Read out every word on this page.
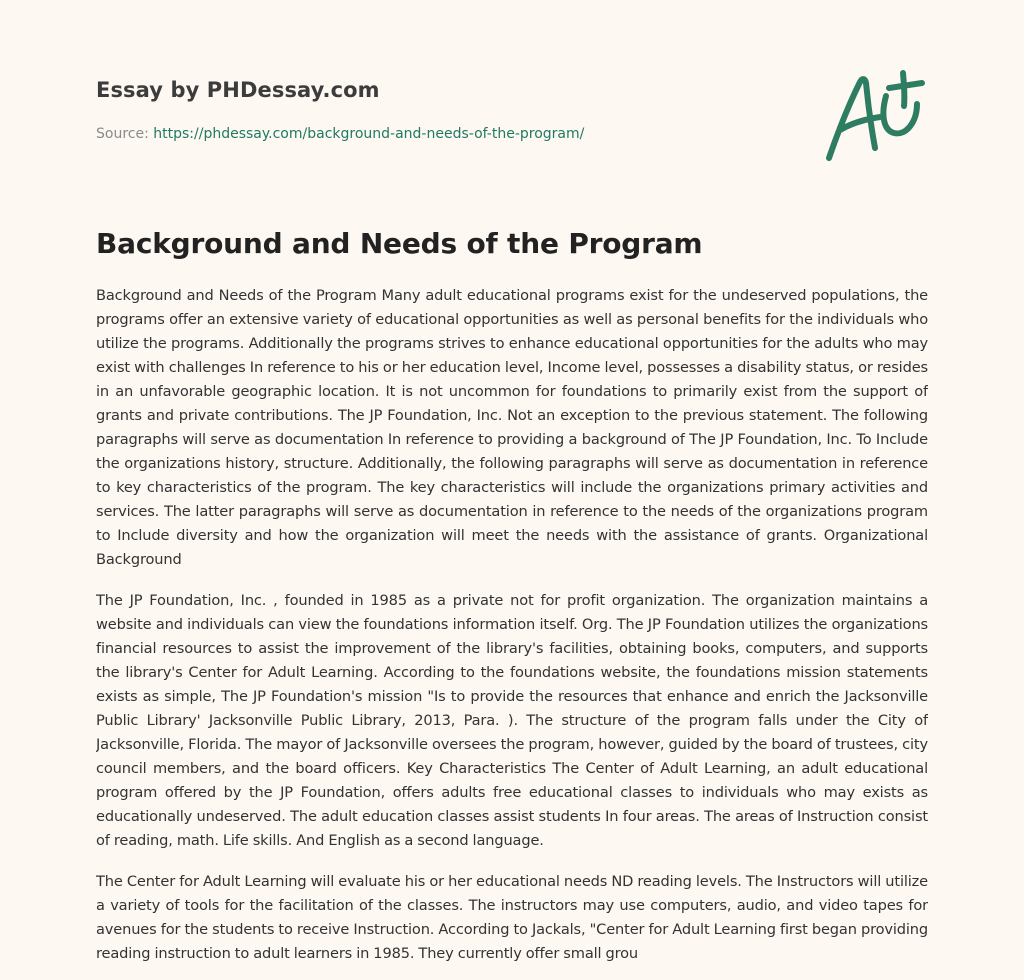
Essay by PHDessay.com
Source: https://phdessay.com/background-and-needs-of-the-program/
Background and Needs of the Program

Background and Needs of the Program Many adult educational programs exist for the undeserved populations, the programs offer an extensive variety of educational opportunities as well as personal benefits for the individuals who utilize the programs. Additionally the programs strives to enhance educational opportunities for the adults who may exist with challenges In reference to his or her education level, Income level, possesses a disability status, or resides in an unfavorable geographic location. It is not uncommon for foundations to primarily exist from the support of grants and private contributions. The JP Foundation, Inc. Not an exception to the previous statement. The following paragraphs will serve as documentation In reference to providing a background of The JP Foundation, Inc. To Include the organizations history, structure. Additionally, the following paragraphs will serve as documentation in reference to key characteristics of the program. The key characteristics will include the organizations primary activities and services. The latter paragraphs will serve as documentation in reference to the needs of the organizations program to Include diversity and how the organization will meet the needs with the assistance of grants. Organizational Background

The JP Foundation, Inc. , founded in 1985 as a private not for profit organization. The organization maintains a website and individuals can view the foundations information itself. Org. The JP Foundation utilizes the organizations financial resources to assist the improvement of the library's facilities, obtaining books, computers, and supports the library's Center for Adult Learning. According to the foundations website, the foundations mission statements exists as simple, The JP Foundation's mission "Is to provide the resources that enhance and enrich the Jacksonville Public Library' Jacksonville Public Library, 2013, Para. ). The structure of the program falls under the City of Jacksonville, Florida. The mayor of Jacksonville oversees the program, however, guided by the board of trustees, city council members, and the board officers. Key Characteristics The Center of Adult Learning, an adult educational program offered by the JP Foundation, offers adults free educational classes to individuals who may exists as educationally undeserved. The adult education classes assist students In four areas. The areas of Instruction consist of reading, math. Life skills. And English as a second language.

The Center for Adult Learning will evaluate his or her educational needs ND reading levels. The Instructors will utilize a variety of tools for the facilitation of the classes. The instructors may use computers, audio, and video tapes for avenues for the students to receive Instruction. According to Jackals, "Center for Adult Learning first began providing reading instruction to adult learners in 1985. They currently offer small grou
